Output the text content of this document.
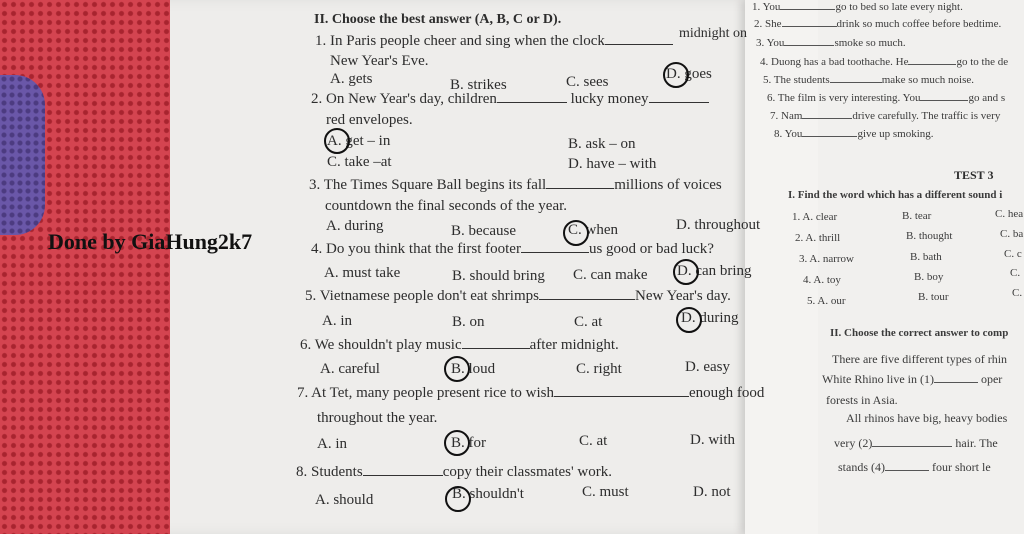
1. You	go to bed so late every night.
2. She	drink so much coffee before bedtime.
3. You	smoke so much.
4. Duong has a bad toothache. He	go to the de
5. The students	make so much noise.
6. The film is very interesting. You	go and s
7. Nam	drive carefully. The traffic is very
8. You	give up smoking.
TEST 3
I. Find the word which has a different sound i
1. A. clear	B. tear	C. hea
2. A. thrill	B. thought	C. ba
3. A. narrow	B. bath	C. c
4. A. toy	B. boy	C.
5. A. our	B. tour	C.
II. Choose the correct answer to comp
There are five different types of rhin
White Rhino live in (1)	oper
forests in Asia.
All rhinos have big, heavy bodies
very (2)	hair. The
stands (4)	four short le
II. Choose the best answer (A, B, C or D).
1. In Paris people cheer and sing when the clock	midnight on
New Year's Eve.
A. gets	B. strikes	C. sees	D. goes
2. On New Year's day, children	lucky money
red envelopes.
A. get – in	B. ask – on
C. take –at	D. have – with
3. The Times Square Ball begins its fall	millions of voices
countdown the final seconds of the year.
A. during	B. because	C. when	D. throughout
4. Do you think that the first footer	us good or bad luck?
A. must take	B. should bring C. can make D. can bring
5. Vietnamese people don't eat shrimps	New Year's day.
A. in	B. on	C. at	D. during
6. We shouldn't play music	after midnight.
A. careful	B. loud	C. right	D. easy
7. At Tet, many people present rice to wish	enough food
throughout the year.
A. in	B. for	C. at	D. with
8. Students	copy their classmates' work.
A. should	B. shouldn't	C. must	D. not
Done by GiaHung2k7
